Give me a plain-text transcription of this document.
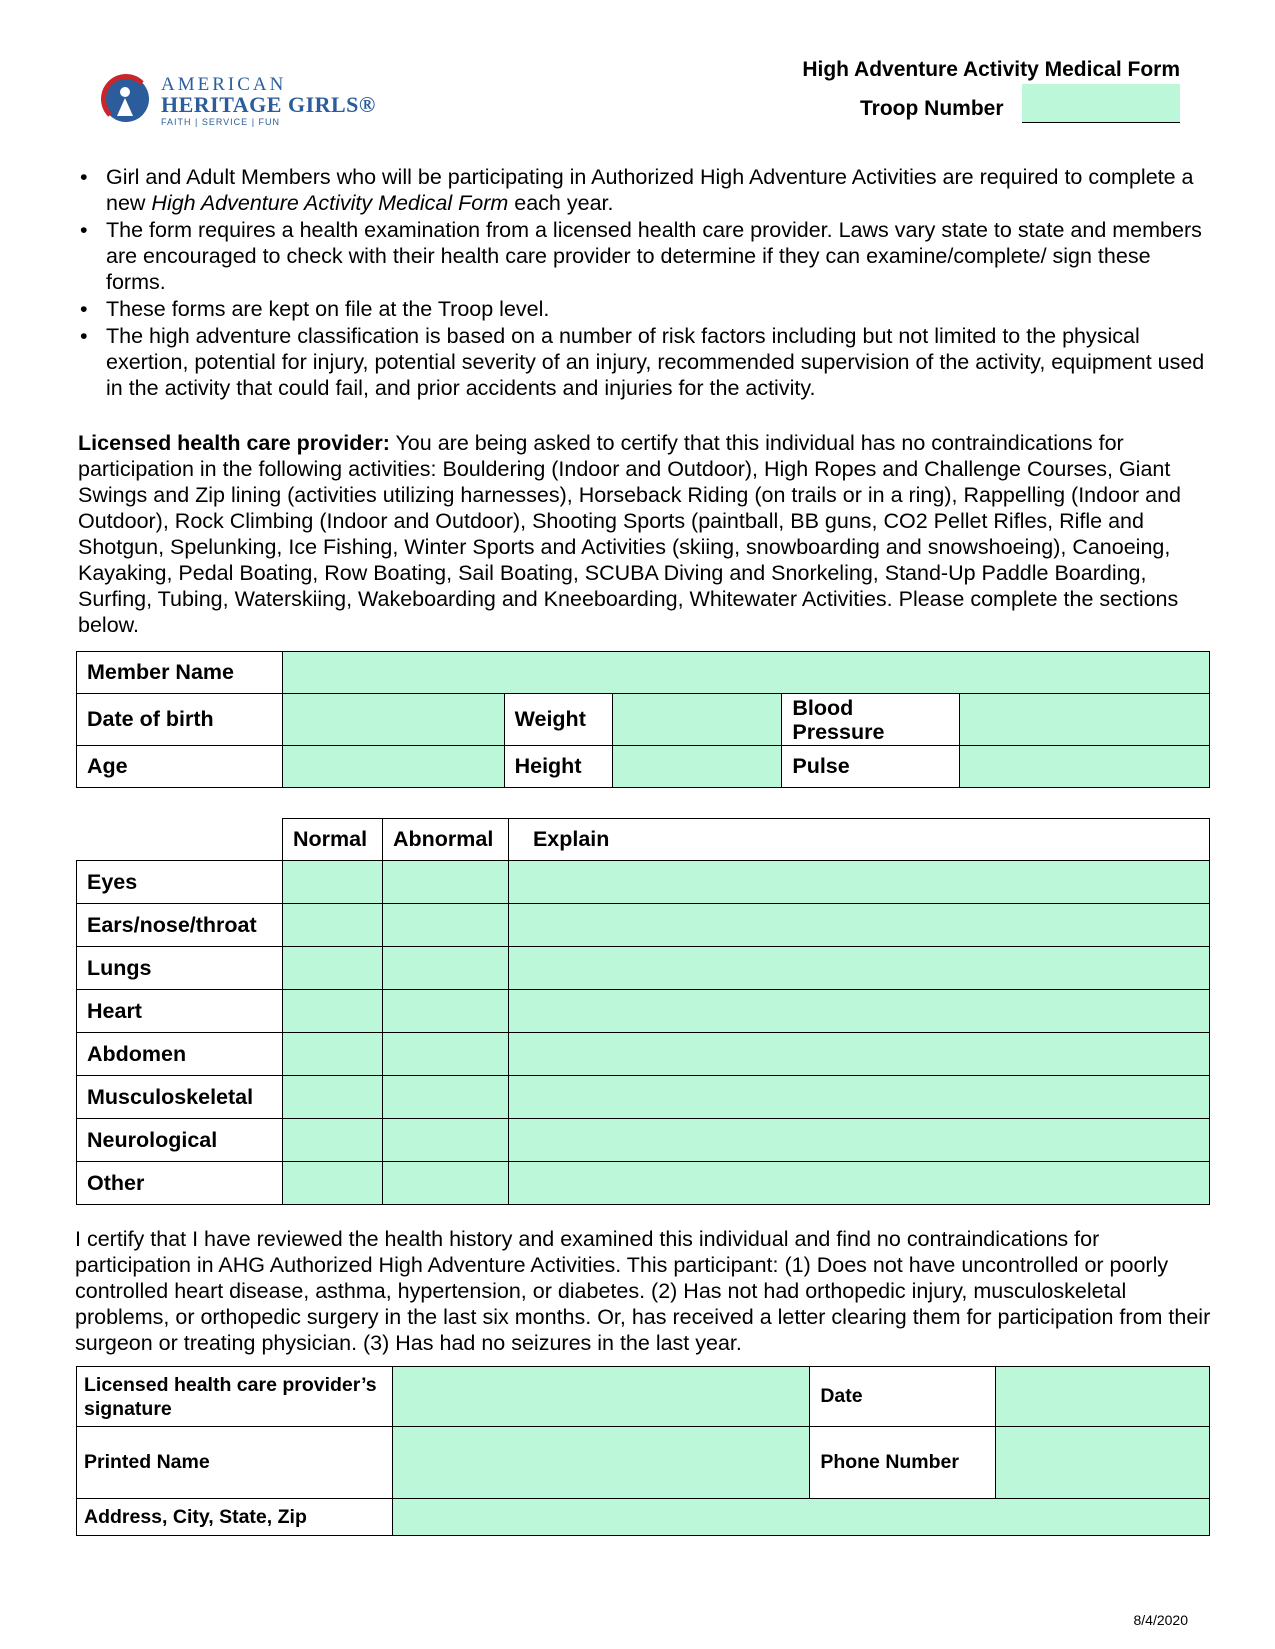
AMERICAN
HERITAGE GIRLS®
FAITH | SERVICE | FUN
High Adventure Activity Medical Form
Troop Number
• Girl and Adult Members who will be participating in Authorized High Adventure Activities are required to complete a new High Adventure Activity Medical Form each year.
• The form requires a health examination from a licensed health care provider. Laws vary state to state and members are encouraged to check with their health care provider to determine if they can examine/complete/ sign these forms.
• These forms are kept on file at the Troop level.
• The high adventure classification is based on a number of risk factors including but not limited to the physical exertion, potential for injury, potential severity of an injury, recommended supervision of the activity, equipment used in the activity that could fail, and prior accidents and injuries for the activity.
Licensed health care provider: You are being asked to certify that this individual has no contraindications for participation in the following activities: Bouldering (Indoor and Outdoor), High Ropes and Challenge Courses, Giant Swings and Zip lining (activities utilizing harnesses), Horseback Riding (on trails or in a ring), Rappelling (Indoor and Outdoor), Rock Climbing (Indoor and Outdoor), Shooting Sports (paintball, BB guns, CO2 Pellet Rifles, Rifle and Shotgun, Spelunking, Ice Fishing, Winter Sports and Activities (skiing, snowboarding and snowshoeing), Canoeing, Kayaking, Pedal Boating, Row Boating, Sail Boating, SCUBA Diving and Snorkeling, Stand-Up Paddle Boarding, Surfing, Tubing, Waterskiing, Wakeboarding and Kneeboarding, Whitewater Activities. Please complete the sections below.
Member Name					
Date of birth		Weight		Blood Pressure	
Age		Height		Pulse	
	Normal	Abnormal	Explain
Eyes			
Ears/nose/throat			
Lungs			
Heart			
Abdomen			
Musculoskeletal			
Neurological			
Other			
I certify that I have reviewed the health history and examined this individual and find no contraindications for participation in AHG Authorized High Adventure Activities. This participant: (1) Does not have uncontrolled or poorly controlled heart disease, asthma, hypertension, or diabetes. (2) Has not had orthopedic injury, musculoskeletal problems, or orthopedic surgery in the last six months. Or, has received a letter clearing them for participation from their surgeon or treating physician. (3) Has had no seizures in the last year.
Licensed health care provider’s signature		Date	
Printed Name		Phone Number	
Address, City, State, Zip			
8/4/2020
